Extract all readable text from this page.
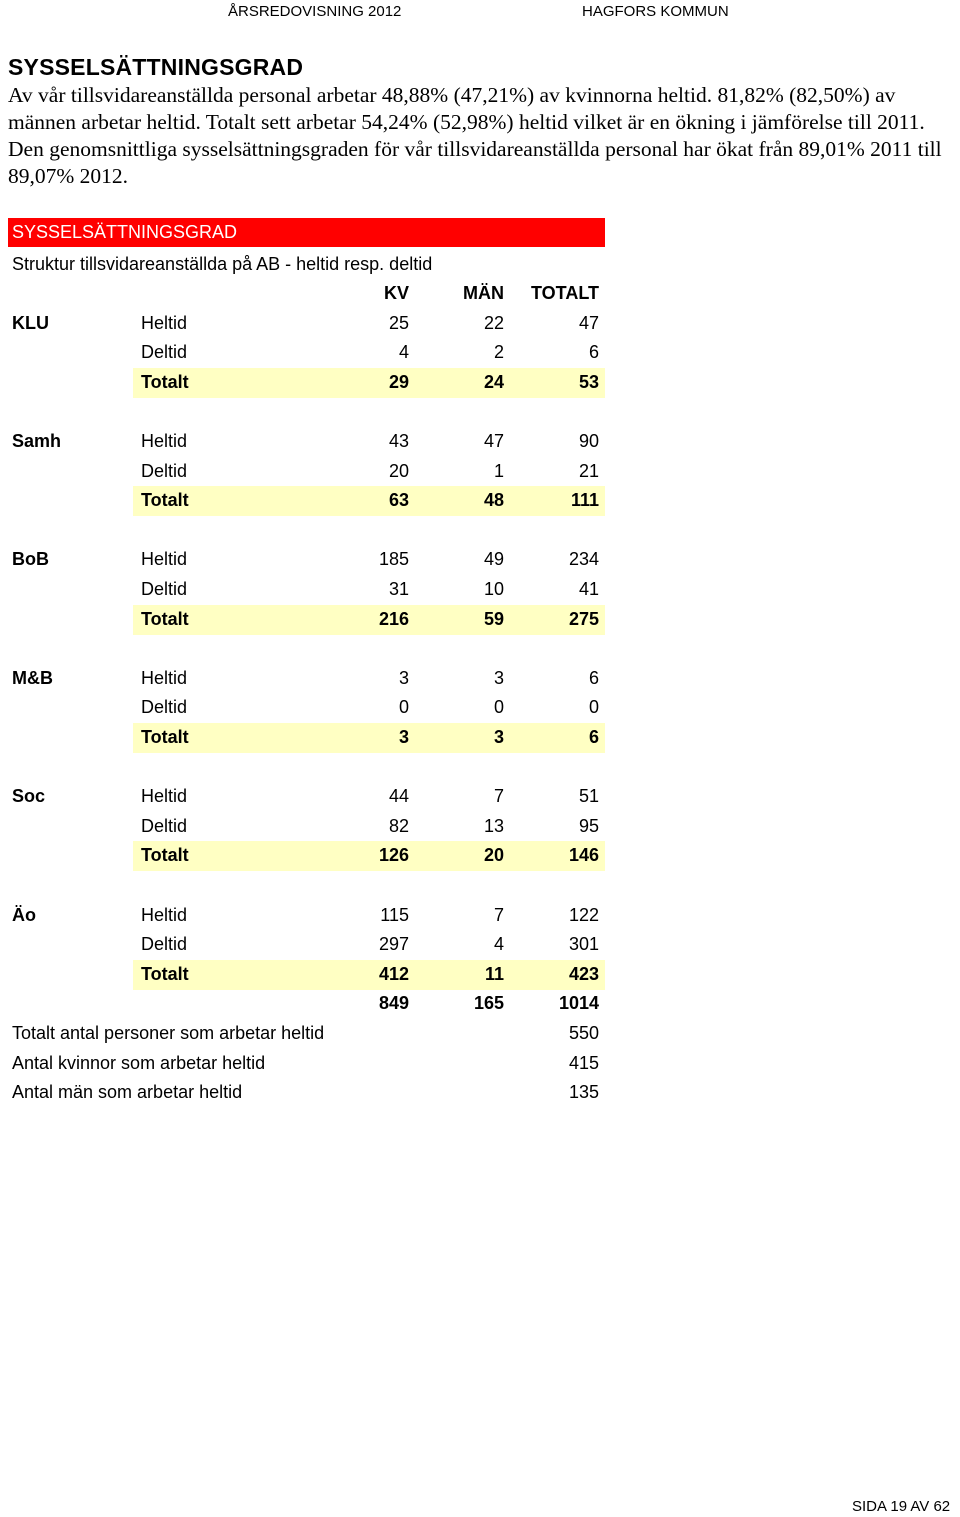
ÅRSREDOVISNING 2012	HAGFORS KOMMUN
SYSSELSÄTTNINGSGRAD

Av vår tillsvidareanställda personal arbetar 48,88% (47,21%) av kvinnorna heltid. 81,82% (82,50%) av männen arbetar heltid. Totalt sett arbetar 54,24% (52,98%) heltid vilket är en ökning i jämförelse till 2011. Den genomsnittliga sysselsättningsgraden för vår tillsvidareanställda personal har ökat från 89,01% 2011 till 89,07% 2012.

SYSSELSÄTTNINGSGRAD
Struktur tillsvidareanställda på AB - heltid resp. deltid
KV	MÄN	TOTALT
KLU	Heltid	25	22	47
Deltid	4	2	6
Totalt	29	24	53
Samh	Heltid	43	47	90
Deltid	20	1	21
Totalt	63	48	111
BoB	Heltid	185	49	234
Deltid	31	10	41
Totalt	216	59	275
M&B	Heltid	3	3	6
Deltid	0	0	0
Totalt	3	3	6
Soc	Heltid	44	7	51
Deltid	82	13	95
Totalt	126	20	146
Äo	Heltid	115	7	122
Deltid	297	4	301
Totalt	412	11	423
849	165	1014
Totalt antal personer som arbetar heltid	550
Antal kvinnor som arbetar heltid	415
Antal män som arbetar heltid	135
SIDA 19 AV 62
